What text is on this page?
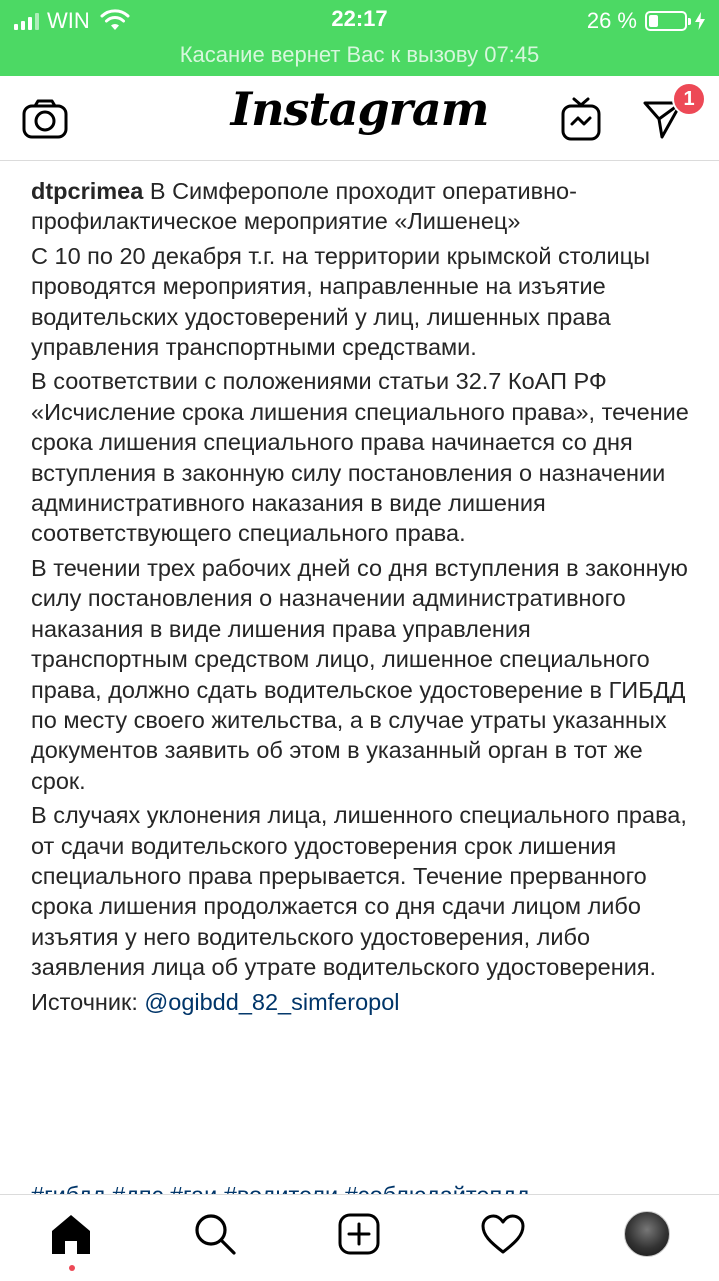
WIN	22:17	26 %
Касание вернет Вас к вызову 07:45
Instagram	1

dtpcrimea В Симферополе проходит оперативно-профилактическое мероприятие «Лишенец»

С 10 по 20 декабря т.г. на территории крымской столицы проводятся мероприятия, направленные на изъятие водительских удостоверений у лиц, лишенных права управления транспортными средствами.

В соответствии с положениями статьи 32.7 КоАП РФ «Исчисление срока лишения специального права», течение срока лишения специального права начинается со дня вступления в законную силу постановления о назначении административного наказания в виде лишения соответствующего специального права.

В течении трех рабочих дней со дня вступления в законную силу постановления о назначении административного наказания в виде лишения права управления транспортным средством лицо, лишенное специального права, должно сдать водительское удостоверение в ГИБДД по месту своего жительства, а в случае утраты указанных документов заявить об этом в указанный орган в тот же срок.

В случаях уклонения лица, лишенного специального права, от сдачи водительского удостоверения срок лишения специального права прерывается. Течение прерванного срока лишения продолжается со дня сдачи лицом либо изъятия у него водительского удостоверения, либо заявления лица об утрате водительского удостоверения.

Источник: @ogibdd_82_simferopol
